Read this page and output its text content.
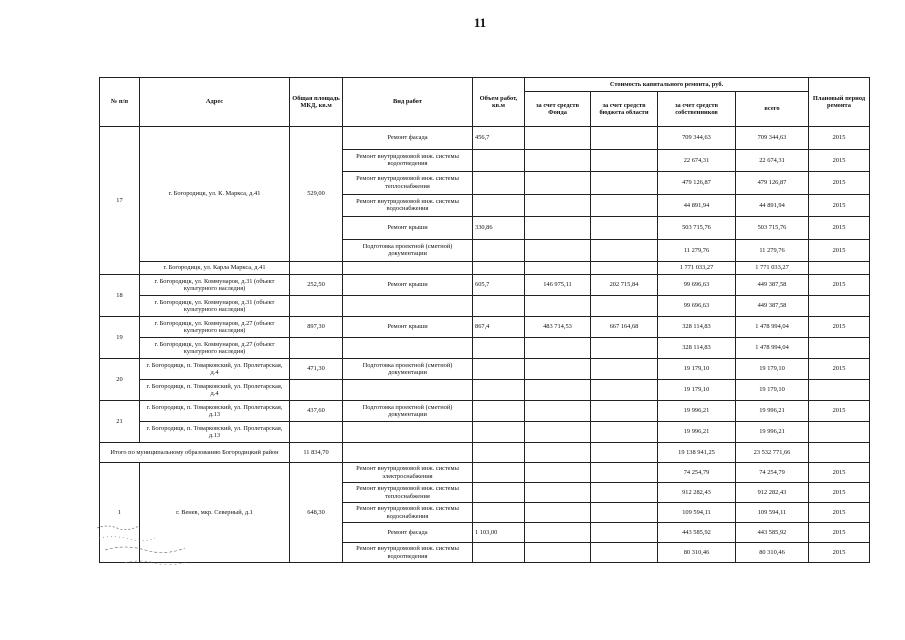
11
№ п/п	Адрес	Общая площадь МКД, кв.м	Вид работ	Объем работ, кв.м	Стоимость капитального ремонта, руб.				Плановый период ремонта
					за счет средств Фонда	за счет средств бюджета области	за счет средств собственников	всего	
17	г. Богородицк, ул. К. Маркса, д.41	529,00	Ремонт фасада	456,7			709 344,63	709 344,63	2015
			Ремонт внутридомовой инж. системы водоотведения				22 674,31	22 674,31	2015
			Ремонт внутридомовой инж. системы теплоснабжения				479 126,87	479 126,87	2015
			Ремонт внутридомовой инж. системы водоснабжения				44 891,94	44 891,94	2015
			Ремонт крыши	330,86			503 715,76	503 715,76	2015
			Подготовка проектной (сметной) документации				11 279,76	11 279,76	2015
	г. Богородицк, ул. Карла Маркса, д.41						1 771 033,27	1 771 033,27	
18	г. Богородицк, ул. Коммунаров, д.31 (объект культурного наследия)	252,50	Ремонт крыши	605,7	146 975,11	202 715,84	99 696,63	449 387,58	2015
	г. Богородицк, ул. Коммунаров, д.31 (объект культурного наследия)						99 696,63	449 387,58	
19	г. Богородицк, ул. Коммунаров, д.27 (объект культурного наследия)	897,30	Ремонт крыши	867,4	483 714,53	667 164,68	328 114,83	1 478 994,04	2015
	г. Богородицк, ул. Коммунаров, д.27 (объект культурного наследия)						328 114,83	1 478 994,04	
20	г. Богородицк, п. Товарковский, ул. Пролетарская, д.4	471,30	Подготовка проектной (сметной) документации				19 179,10	19 179,10	2015
	г. Богородицк, п. Товарковский, ул. Пролетарская, д.4						19 179,10	19 179,10	
21	г. Богородицк, п. Товарковский, ул. Пролетарская, д.13	437,60	Подготовка проектной (сметной) документации				19 996,21	19 996,21	2015
	г. Богородицк, п. Товарковский, ул. Пролетарская, д.13						19 996,21	19 996,21	
Итого по муниципальному образованию Богородицкий район		11 834,70					19 138 941,25	23 532 771,66	
1	г. Венев, мкр. Северный, д.1	648,30	Ремонт внутридомовой инж. системы электроснабжения				74 254,79	74 254,79	2015
			Ремонт внутридомовой инж. системы теплоснабжения				912 282,43	912 282,43	2015
			Ремонт внутридомовой инж. системы водоснабжения				109 594,11	109 594,11	2015
			Ремонт фасада	1 103,00			443 585,92	443 585,92	2015
			Ремонт внутридомовой инж. системы водоотведения				80 310,46	80 310,46	2015
